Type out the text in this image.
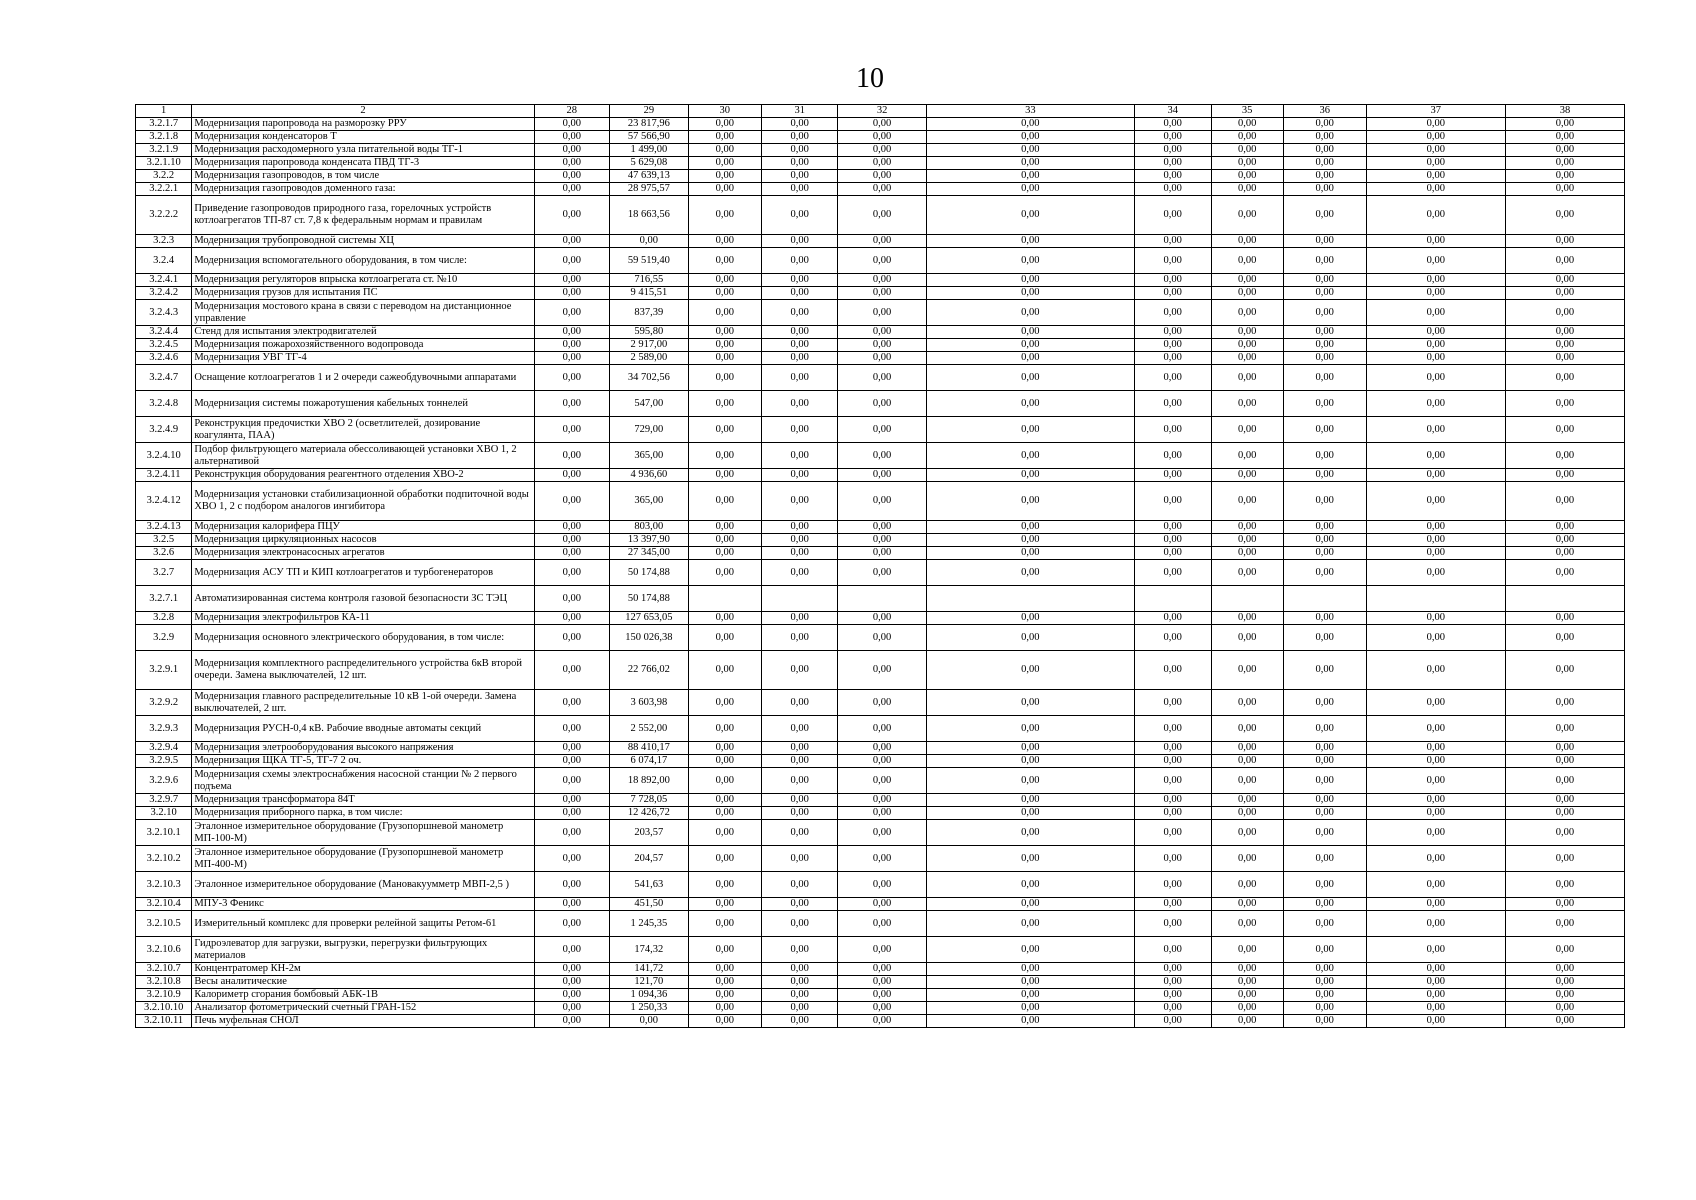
10
1	2	28	29	30	31	32	33	34	35	36	37	38
3.2.1.7	Модернизация паропровода на разморозку РРУ	0,00	23 817,96	0,00	0,00	0,00	0,00	0,00	0,00	0,00	0,00	0,00
3.2.1.8	Модернизация конденсаторов Т	0,00	57 566,90	0,00	0,00	0,00	0,00	0,00	0,00	0,00	0,00	0,00
3.2.1.9	Модернизация расходомерного узла питательной воды ТГ-1	0,00	1 499,00	0,00	0,00	0,00	0,00	0,00	0,00	0,00	0,00	0,00
3.2.1.10	Модернизация паропровода конденсата ПВД ТГ-3	0,00	5 629,08	0,00	0,00	0,00	0,00	0,00	0,00	0,00	0,00	0,00
3.2.2	Модернизация газопроводов, в том числе	0,00	47 639,13	0,00	0,00	0,00	0,00	0,00	0,00	0,00	0,00	0,00
3.2.2.1	Модернизация газопроводов доменного газа:	0,00	28 975,57	0,00	0,00	0,00	0,00	0,00	0,00	0,00	0,00	0,00
3.2.2.2	Приведение газопроводов природного газа, горелочных устройств котлоагрегатов ТП-87 ст. 7,8 к федеральным нормам и правилам	0,00	18 663,56	0,00	0,00	0,00	0,00	0,00	0,00	0,00	0,00	0,00
3.2.3	Модернизация трубопроводной системы ХЦ	0,00	0,00	0,00	0,00	0,00	0,00	0,00	0,00	0,00	0,00	0,00
3.2.4	Модернизация вспомогательного оборудования, в том числе:	0,00	59 519,40	0,00	0,00	0,00	0,00	0,00	0,00	0,00	0,00	0,00
3.2.4.1	Модернизация регуляторов впрыска котлоагрегата ст. №10	0,00	716,55	0,00	0,00	0,00	0,00	0,00	0,00	0,00	0,00	0,00
3.2.4.2	Модернизация грузов для испытания ПС	0,00	9 415,51	0,00	0,00	0,00	0,00	0,00	0,00	0,00	0,00	0,00
3.2.4.3	Модернизация мостового крана в связи с переводом на дистанционное управление	0,00	837,39	0,00	0,00	0,00	0,00	0,00	0,00	0,00	0,00	0,00
3.2.4.4	Стенд для испытания электродвигателей	0,00	595,80	0,00	0,00	0,00	0,00	0,00	0,00	0,00	0,00	0,00
3.2.4.5	Модернизация пожарохозяйственного водопровода	0,00	2 917,00	0,00	0,00	0,00	0,00	0,00	0,00	0,00	0,00	0,00
3.2.4.6	Модернизация УВГ ТГ-4	0,00	2 589,00	0,00	0,00	0,00	0,00	0,00	0,00	0,00	0,00	0,00
3.2.4.7	Оснащение котлоагрегатов 1 и 2 очереди сажеобдувочными аппаратами	0,00	34 702,56	0,00	0,00	0,00	0,00	0,00	0,00	0,00	0,00	0,00
3.2.4.8	Модернизация системы пожаротушения кабельных тоннелей	0,00	547,00	0,00	0,00	0,00	0,00	0,00	0,00	0,00	0,00	0,00
3.2.4.9	Реконструкция предочистки ХВО 2 (осветлителей, дозирование коагулянта, ПАА)	0,00	729,00	0,00	0,00	0,00	0,00	0,00	0,00	0,00	0,00	0,00
3.2.4.10	Подбор фильтрующего материала обессоливающей установки ХВО 1, 2 альтернативой	0,00	365,00	0,00	0,00	0,00	0,00	0,00	0,00	0,00	0,00	0,00
3.2.4.11	Реконструкция оборудования реагентного отделения ХВО-2	0,00	4 936,60	0,00	0,00	0,00	0,00	0,00	0,00	0,00	0,00	0,00
3.2.4.12	Модернизация установки стабилизационной обработки подпиточной воды ХВО 1, 2 с подбором аналогов ингибитора	0,00	365,00	0,00	0,00	0,00	0,00	0,00	0,00	0,00	0,00	0,00
3.2.4.13	Модернизация калорифера ПЦУ	0,00	803,00	0,00	0,00	0,00	0,00	0,00	0,00	0,00	0,00	0,00
3.2.5	Модернизация циркуляционных насосов	0,00	13 397,90	0,00	0,00	0,00	0,00	0,00	0,00	0,00	0,00	0,00
3.2.6	Модернизация электронасосных агрегатов	0,00	27 345,00	0,00	0,00	0,00	0,00	0,00	0,00	0,00	0,00	0,00
3.2.7	Модернизация АСУ ТП и КИП котлоагрегатов и турбогенераторов	0,00	50 174,88	0,00	0,00	0,00	0,00	0,00	0,00	0,00	0,00	0,00
3.2.7.1	Автоматизированная система контроля газовой безопасности ЗС ТЭЦ	0,00	50 174,88									
3.2.8	Модернизация электрофильтров КА-11	0,00	127 653,05	0,00	0,00	0,00	0,00	0,00	0,00	0,00	0,00	0,00
3.2.9	Модернизация основного электрического оборудования, в том числе:	0,00	150 026,38	0,00	0,00	0,00	0,00	0,00	0,00	0,00	0,00	0,00
3.2.9.1	Модернизация комплектного распределительного устройства 6кВ второй очереди. Замена выключателей, 12 шт.	0,00	22 766,02	0,00	0,00	0,00	0,00	0,00	0,00	0,00	0,00	0,00
3.2.9.2	Модернизация главного распределительные 10 кВ 1-ой очереди. Замена выключателей, 2 шт.	0,00	3 603,98	0,00	0,00	0,00	0,00	0,00	0,00	0,00	0,00	0,00
3.2.9.3	Модернизация РУСН-0,4 кВ. Рабочие вводные автоматы секций	0,00	2 552,00	0,00	0,00	0,00	0,00	0,00	0,00	0,00	0,00	0,00
3.2.9.4	Модернизация элетрооборудования высокого напряжения	0,00	88 410,17	0,00	0,00	0,00	0,00	0,00	0,00	0,00	0,00	0,00
3.2.9.5	Модернизация ЩКА ТГ-5, ТГ-7 2 оч.	0,00	6 074,17	0,00	0,00	0,00	0,00	0,00	0,00	0,00	0,00	0,00
3.2.9.6	Модернизация схемы электроснабжения насосной станции № 2 первого подъема	0,00	18 892,00	0,00	0,00	0,00	0,00	0,00	0,00	0,00	0,00	0,00
3.2.9.7	Модернизация трансформатора 84Т	0,00	7 728,05	0,00	0,00	0,00	0,00	0,00	0,00	0,00	0,00	0,00
3.2.10	Модернизация приборного парка, в том числе:	0,00	12 426,72	0,00	0,00	0,00	0,00	0,00	0,00	0,00	0,00	0,00
3.2.10.1	Эталонное измерительное оборудование (Грузопоршневой манометр МП-100-М)	0,00	203,57	0,00	0,00	0,00	0,00	0,00	0,00	0,00	0,00	0,00
3.2.10.2	Эталонное измерительное оборудование (Грузопоршневой манометр МП-400-М)	0,00	204,57	0,00	0,00	0,00	0,00	0,00	0,00	0,00	0,00	0,00
3.2.10.3	Эталонное измерительное оборудование (Мановакуумметр МВП-2,5 )	0,00	541,63	0,00	0,00	0,00	0,00	0,00	0,00	0,00	0,00	0,00
3.2.10.4	МПУ-3 Феникс	0,00	451,50	0,00	0,00	0,00	0,00	0,00	0,00	0,00	0,00	0,00
3.2.10.5	Измерительный комплекс для проверки релейной защиты Ретом-61	0,00	1 245,35	0,00	0,00	0,00	0,00	0,00	0,00	0,00	0,00	0,00
3.2.10.6	Гидроэлеватор для загрузки, выгрузки, перегрузки фильтрующих материалов	0,00	174,32	0,00	0,00	0,00	0,00	0,00	0,00	0,00	0,00	0,00
3.2.10.7	Концентратомер КН-2м	0,00	141,72	0,00	0,00	0,00	0,00	0,00	0,00	0,00	0,00	0,00
3.2.10.8	Весы аналитические	0,00	121,70	0,00	0,00	0,00	0,00	0,00	0,00	0,00	0,00	0,00
3.2.10.9	Калориметр сгорания бомбовый АБК-1В	0,00	1 094,36	0,00	0,00	0,00	0,00	0,00	0,00	0,00	0,00	0,00
3.2.10.10	Анализатор фотометрический счетный ГРАН-152	0,00	1 250,33	0,00	0,00	0,00	0,00	0,00	0,00	0,00	0,00	0,00
3.2.10.11	Печь муфельная СНОЛ	0,00	0,00	0,00	0,00	0,00	0,00	0,00	0,00	0,00	0,00	0,00
